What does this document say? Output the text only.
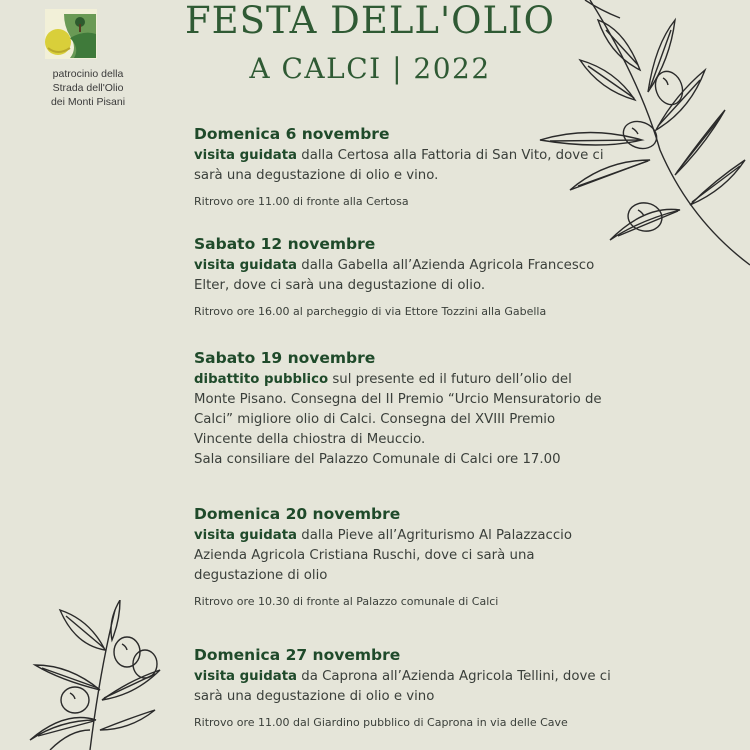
patrocinio della
Strada dell'Olio
dei Monti Pisani
FESTA DELL'OLIO
A CALCI | 2022
Domenica 6 novembre
visita guidata dalla Certosa alla Fattoria di San Vito, dove ci sarà una degustazione di olio e vino.
Ritrovo ore 11.00 di fronte alla Certosa
Sabato 12 novembre
visita guidata dalla Gabella all’Azienda Agricola Francesco Elter, dove ci sarà una degustazione di olio.
Ritrovo ore 16.00 al parcheggio di via Ettore Tozzini alla Gabella
Sabato 19 novembre
dibattito pubblico sul presente ed il futuro dell’olio del Monte Pisano. Consegna del II Premio “Urcio Mensuratorio de Calci” migliore olio di Calci. Consegna del XVIII Premio Vincente della chiostra di Meuccio.
Sala consiliare del Palazzo Comunale di Calci ore 17.00
Domenica 20 novembre
visita guidata dalla Pieve all’Agriturismo Al Palazzaccio Azienda Agricola Cristiana Ruschi, dove ci sarà una degustazione di olio
Ritrovo ore 10.30 di fronte al Palazzo comunale di Calci
Domenica 27 novembre
visita guidata da Caprona all’Azienda Agricola Tellini, dove ci sarà una degustazione di olio e vino
Ritrovo ore 11.00 dal Giardino pubblico di Caprona in via delle Cave
